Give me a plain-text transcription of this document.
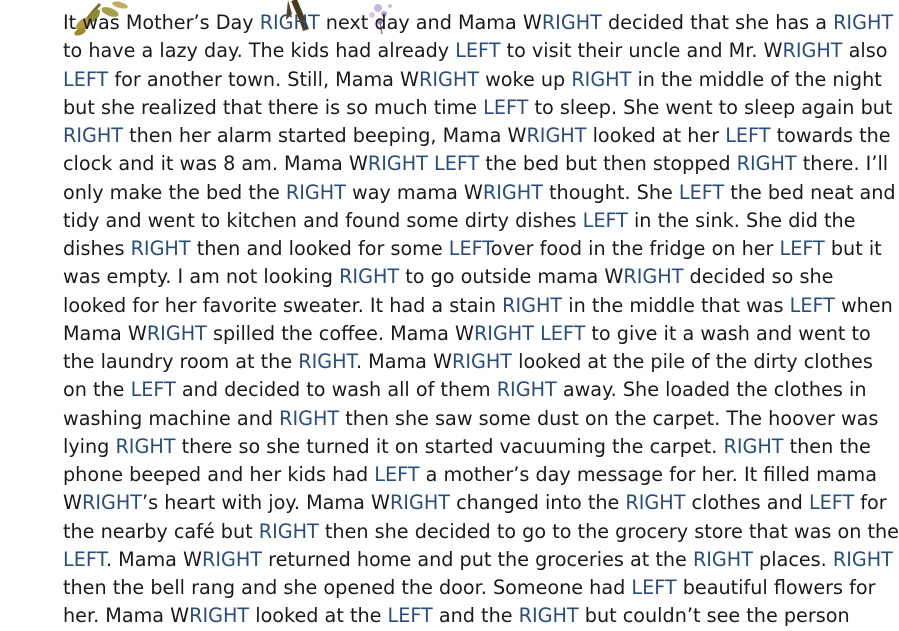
It was Mother’s Day RIGHT next day and Mama WRIGHT decided that she has a RIGHT
to have a lazy day. The kids had already LEFT to visit their uncle and Mr. WRIGHT also
LEFT for another town. Still, Mama WRIGHT woke up RIGHT in the middle of the night
but she realized that there is so much time LEFT to sleep. She went to sleep again but
RIGHT then her alarm started beeping, Mama WRIGHT looked at her LEFT towards the
clock and it was 8 am. Mama WRIGHT LEFT the bed but then stopped RIGHT there. I’ll
only make the bed the RIGHT way mama WRIGHT thought. She LEFT the bed neat and
tidy and went to kitchen and found some dirty dishes LEFT in the sink. She did the
dishes RIGHT then and looked for some LEFTover food in the fridge on her LEFT but it
was empty. I am not looking RIGHT to go outside mama WRIGHT decided so she
looked for her favorite sweater. It had a stain RIGHT in the middle that was LEFT when
Mama WRIGHT spilled the coffee. Mama WRIGHT LEFT to give it a wash and went to
the laundry room at the RIGHT. Mama WRIGHT looked at the pile of the dirty clothes
on the LEFT and decided to wash all of them RIGHT away. She loaded the clothes in
washing machine and RIGHT then she saw some dust on the carpet. The hoover was
lying RIGHT there so she turned it on started vacuuming the carpet. RIGHT then the
phone beeped and her kids had LEFT a mother’s day message for her. It filled mama
WRIGHT’s heart with joy. Mama WRIGHT changed into the RIGHT clothes and LEFT for
the nearby café but RIGHT then she decided to go to the grocery store that was on the
LEFT. Mama WRIGHT returned home and put the groceries at the RIGHT places. RIGHT
then the bell rang and she opened the door. Someone had LEFT beautiful flowers for
her. Mama WRIGHT looked at the LEFT and the RIGHT but couldn’t see the person
